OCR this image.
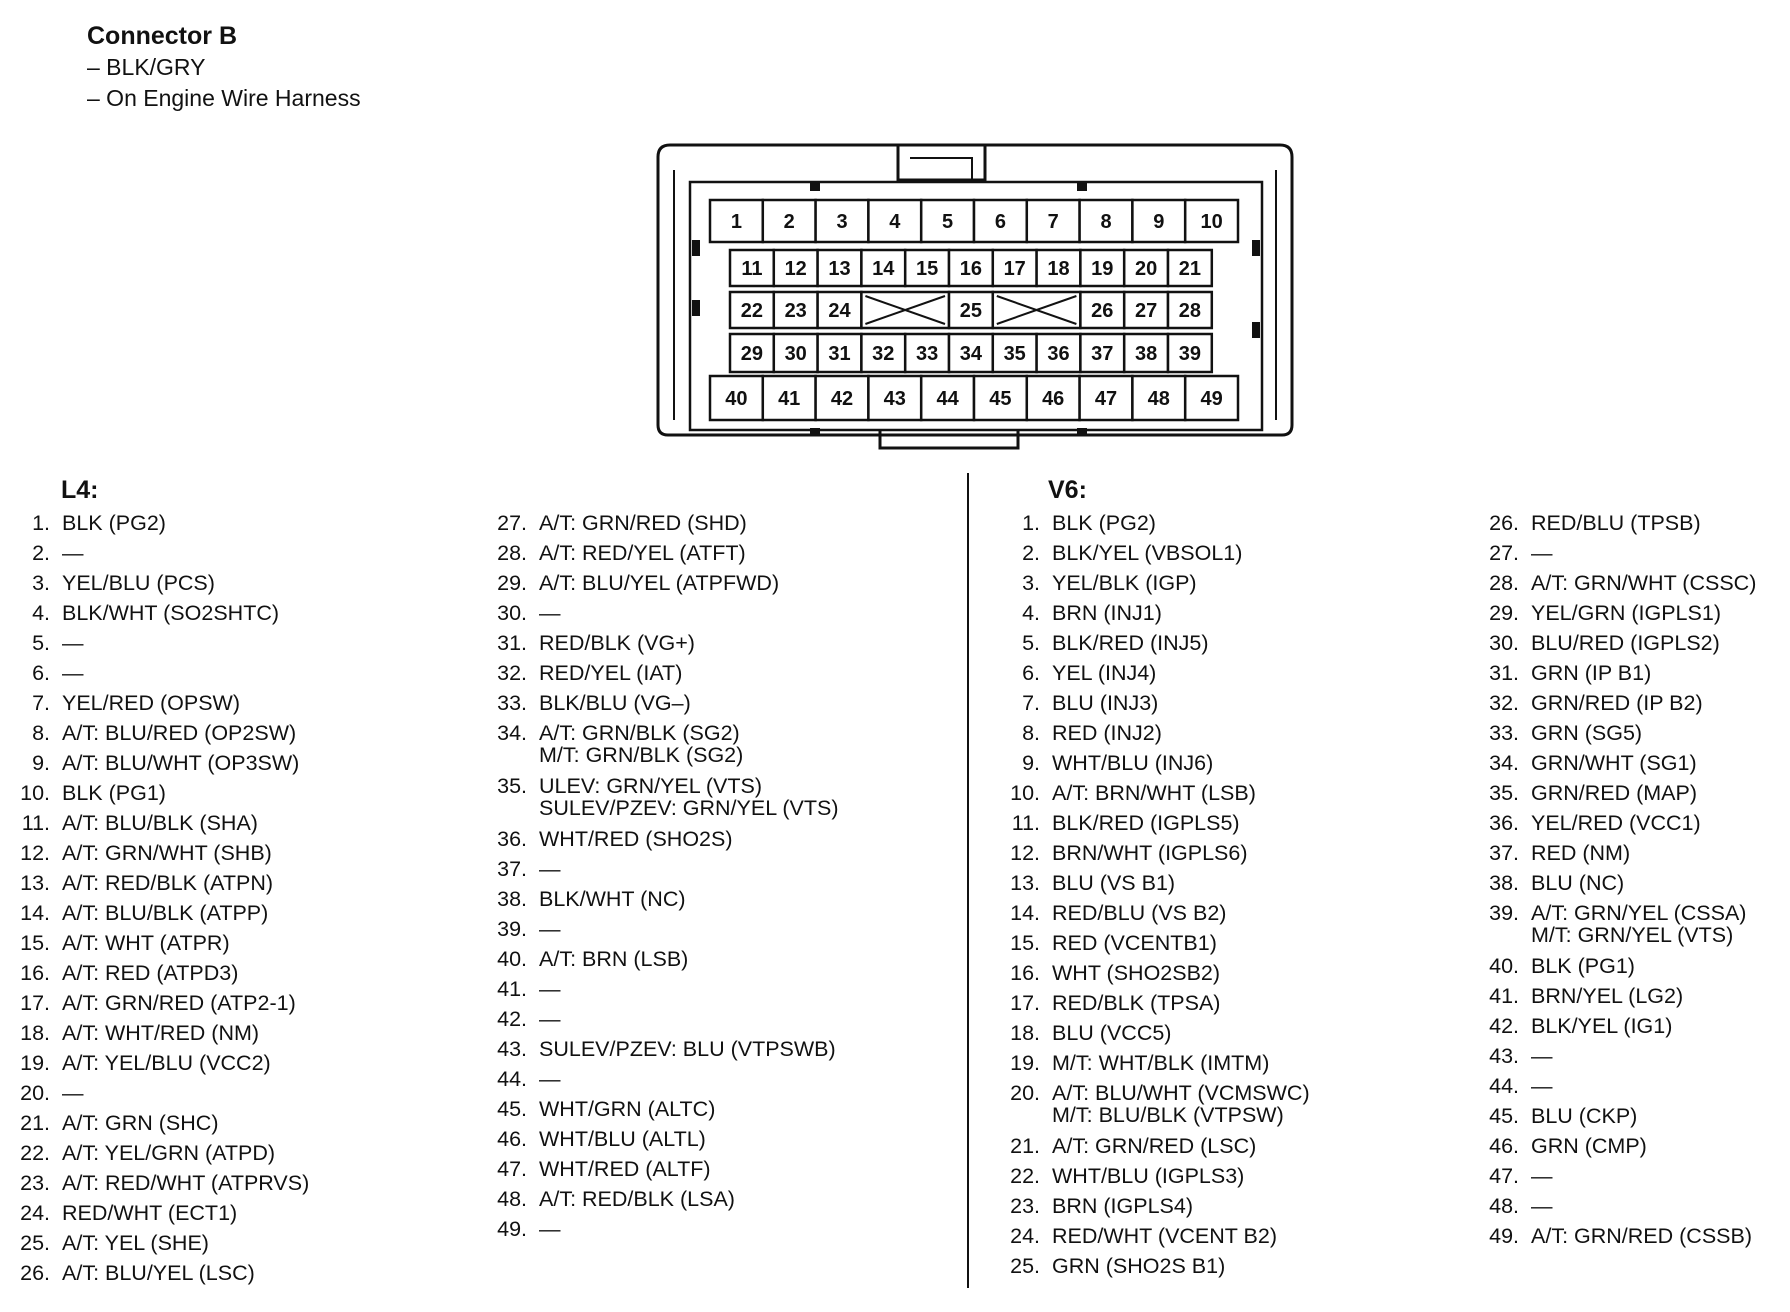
Connector B
– BLK/GRY
– On Engine Wire Harness
1 2 3 4 5 6 7 8 9 10
40 41 42 43 44 45 46 47 48 49
11 12 13 14 15 16 17 18 19 20 21
29 30 31 32 33 34 35 36 37 38 39
22 23 24	25	26 27 28
L4:	V6:
1. BLK (PG2)
2. —
3. YEL/BLU (PCS)
4. BLK/WHT (SO2SHTC)
5. —
6. —
7. YEL/RED (OPSW)
8. A/T: BLU/RED (OP2SW)
9. A/T: BLU/WHT (OP3SW)
10. BLK (PG1)
11. A/T: BLU/BLK (SHA)
12. A/T: GRN/WHT (SHB)
13. A/T: RED/BLK (ATPN)
14. A/T: BLU/BLK (ATPP)
15. A/T: WHT (ATPR)
16. A/T: RED (ATPD3)
17. A/T: GRN/RED (ATP2-1)
18. A/T: WHT/RED (NM)
19. A/T: YEL/BLU (VCC2)
20. —
21. A/T: GRN (SHC)
22. A/T: YEL/GRN (ATPD)
23. A/T: RED/WHT (ATPRVS)
24. RED/WHT (ECT1)
25. A/T: YEL (SHE)
26. A/T: BLU/YEL (LSC)
27. A/T: GRN/RED (SHD)
28. A/T: RED/YEL (ATFT)
29. A/T: BLU/YEL (ATPFWD)
30. —
31. RED/BLK (VG+)
32. RED/YEL (IAT)
33. BLK/BLU (VG–)
34. A/T: GRN/BLK (SG2)
M/T: GRN/BLK (SG2)
35. ULEV: GRN/YEL (VTS)
SULEV/PZEV: GRN/YEL (VTS)
36. WHT/RED (SHO2S)
37. —
38. BLK/WHT (NC)
39. —
40. A/T: BRN (LSB)
41. —
42. —
43. SULEV/PZEV: BLU (VTPSWB)
44. —
45. WHT/GRN (ALTC)
46. WHT/BLU (ALTL)
47. WHT/RED (ALTF)
48. A/T: RED/BLK (LSA)
49. —
1. BLK (PG2)
2. BLK/YEL (VBSOL1)
3. YEL/BLK (IGP)
4. BRN (INJ1)
5. BLK/RED (INJ5)
6. YEL (INJ4)
7. BLU (INJ3)
8. RED (INJ2)
9. WHT/BLU (INJ6)
10. A/T: BRN/WHT (LSB)
11. BLK/RED (IGPLS5)
12. BRN/WHT (IGPLS6)
13. BLU (VS B1)
14. RED/BLU (VS B2)
15. RED (VCENTB1)
16. WHT (SHO2SB2)
17. RED/BLK (TPSA)
18. BLU (VCC5)
19. M/T: WHT/BLK (IMTM)
20. A/T: BLU/WHT (VCMSWC)
M/T: BLU/BLK (VTPSW)
21. A/T: GRN/RED (LSC)
22. WHT/BLU (IGPLS3)
23. BRN (IGPLS4)
24. RED/WHT (VCENT B2)
25. GRN (SHO2S B1)
26. RED/BLU (TPSB)
27. —
28. A/T: GRN/WHT (CSSC)
29. YEL/GRN (IGPLS1)
30. BLU/RED (IGPLS2)
31. GRN (IP B1)
32. GRN/RED (IP B2)
33. GRN (SG5)
34. GRN/WHT (SG1)
35. GRN/RED (MAP)
36. YEL/RED (VCC1)
37. RED (NM)
38. BLU (NC)
39. A/T: GRN/YEL (CSSA)
M/T: GRN/YEL (VTS)
40. BLK (PG1)
41. BRN/YEL (LG2)
42. BLK/YEL (IG1)
43. —
44. —
45. BLU (CKP)
46. GRN (CMP)
47. —
48. —
49. A/T: GRN/RED (CSSB)
